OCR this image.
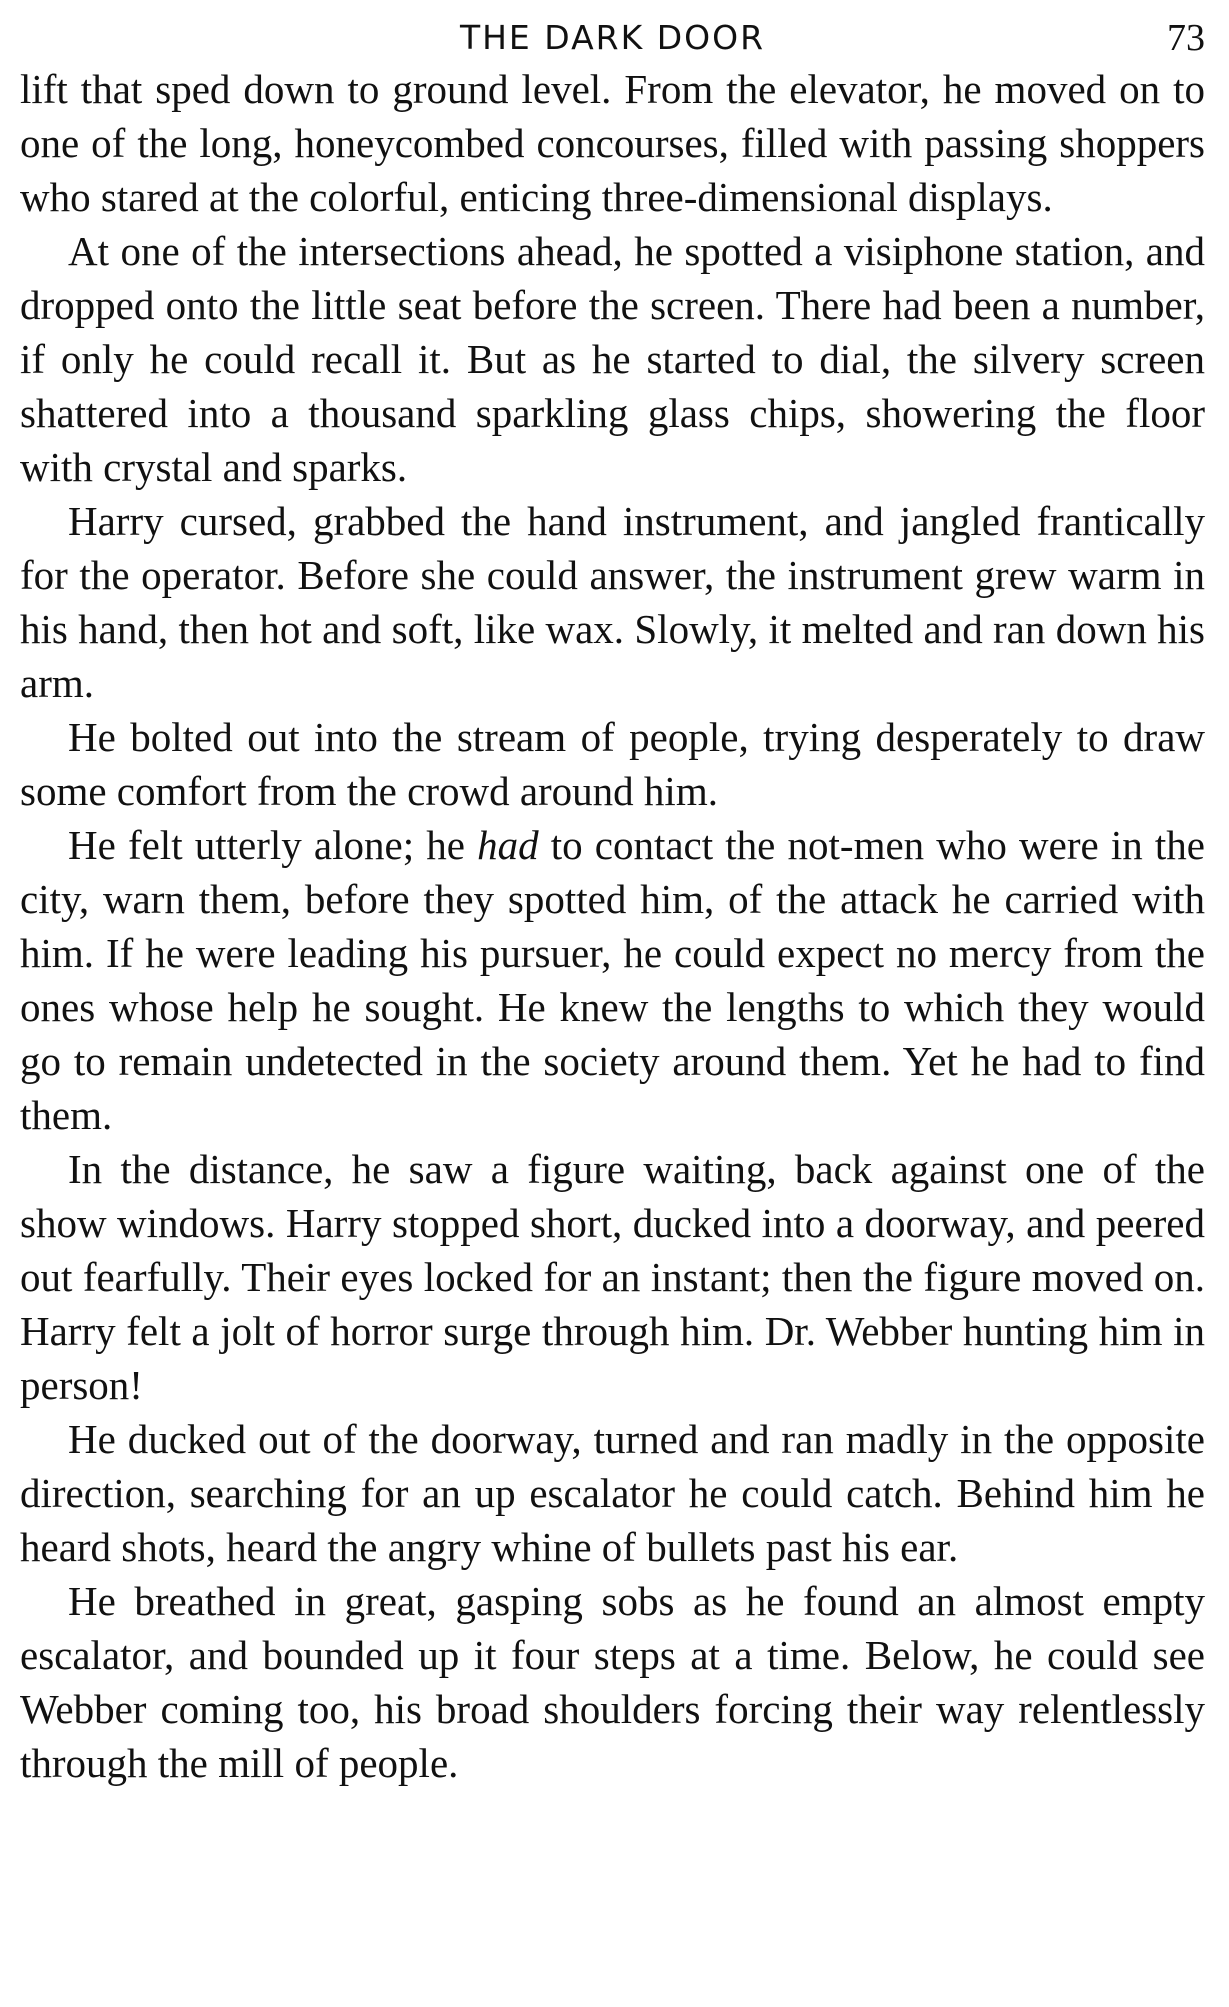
THE DARK DOOR	73

lift that sped down to ground level. From the elevator, he moved on to one of the long, honeycombed concourses, filled with passing shoppers who stared at the colorful, enticing three-dimensional displays.

At one of the intersections ahead, he spotted a visiphone station, and dropped onto the little seat before the screen. There had been a number, if only he could recall it. But as he started to dial, the silvery screen shattered into a thousand sparkling glass chips, showering the floor with crystal and sparks.

Harry cursed, grabbed the hand instrument, and jangled frantically for the operator. Before she could answer, the instrument grew warm in his hand, then hot and soft, like wax. Slowly, it melted and ran down his arm.

He bolted out into the stream of people, trying desperately to draw some comfort from the crowd around him.

He felt utterly alone; he had to contact the not-men who were in the city, warn them, before they spotted him, of the attack he carried with him. If he were leading his pursuer, he could expect no mercy from the ones whose help he sought. He knew the lengths to which they would go to remain undetected in the society around them. Yet he had to find them.

In the distance, he saw a figure waiting, back against one of the show windows. Harry stopped short, ducked into a doorway, and peered out fearfully. Their eyes locked for an instant; then the figure moved on. Harry felt a jolt of horror surge through him. Dr. Webber hunting him in person!

He ducked out of the doorway, turned and ran madly in the opposite direction, searching for an up escalator he could catch. Behind him he heard shots, heard the angry whine of bullets past his ear.

He breathed in great, gasping sobs as he found an almost empty escalator, and bounded up it four steps at a time. Below, he could see Webber coming too, his broad shoulders forcing their way relentlessly through the mill of people.
